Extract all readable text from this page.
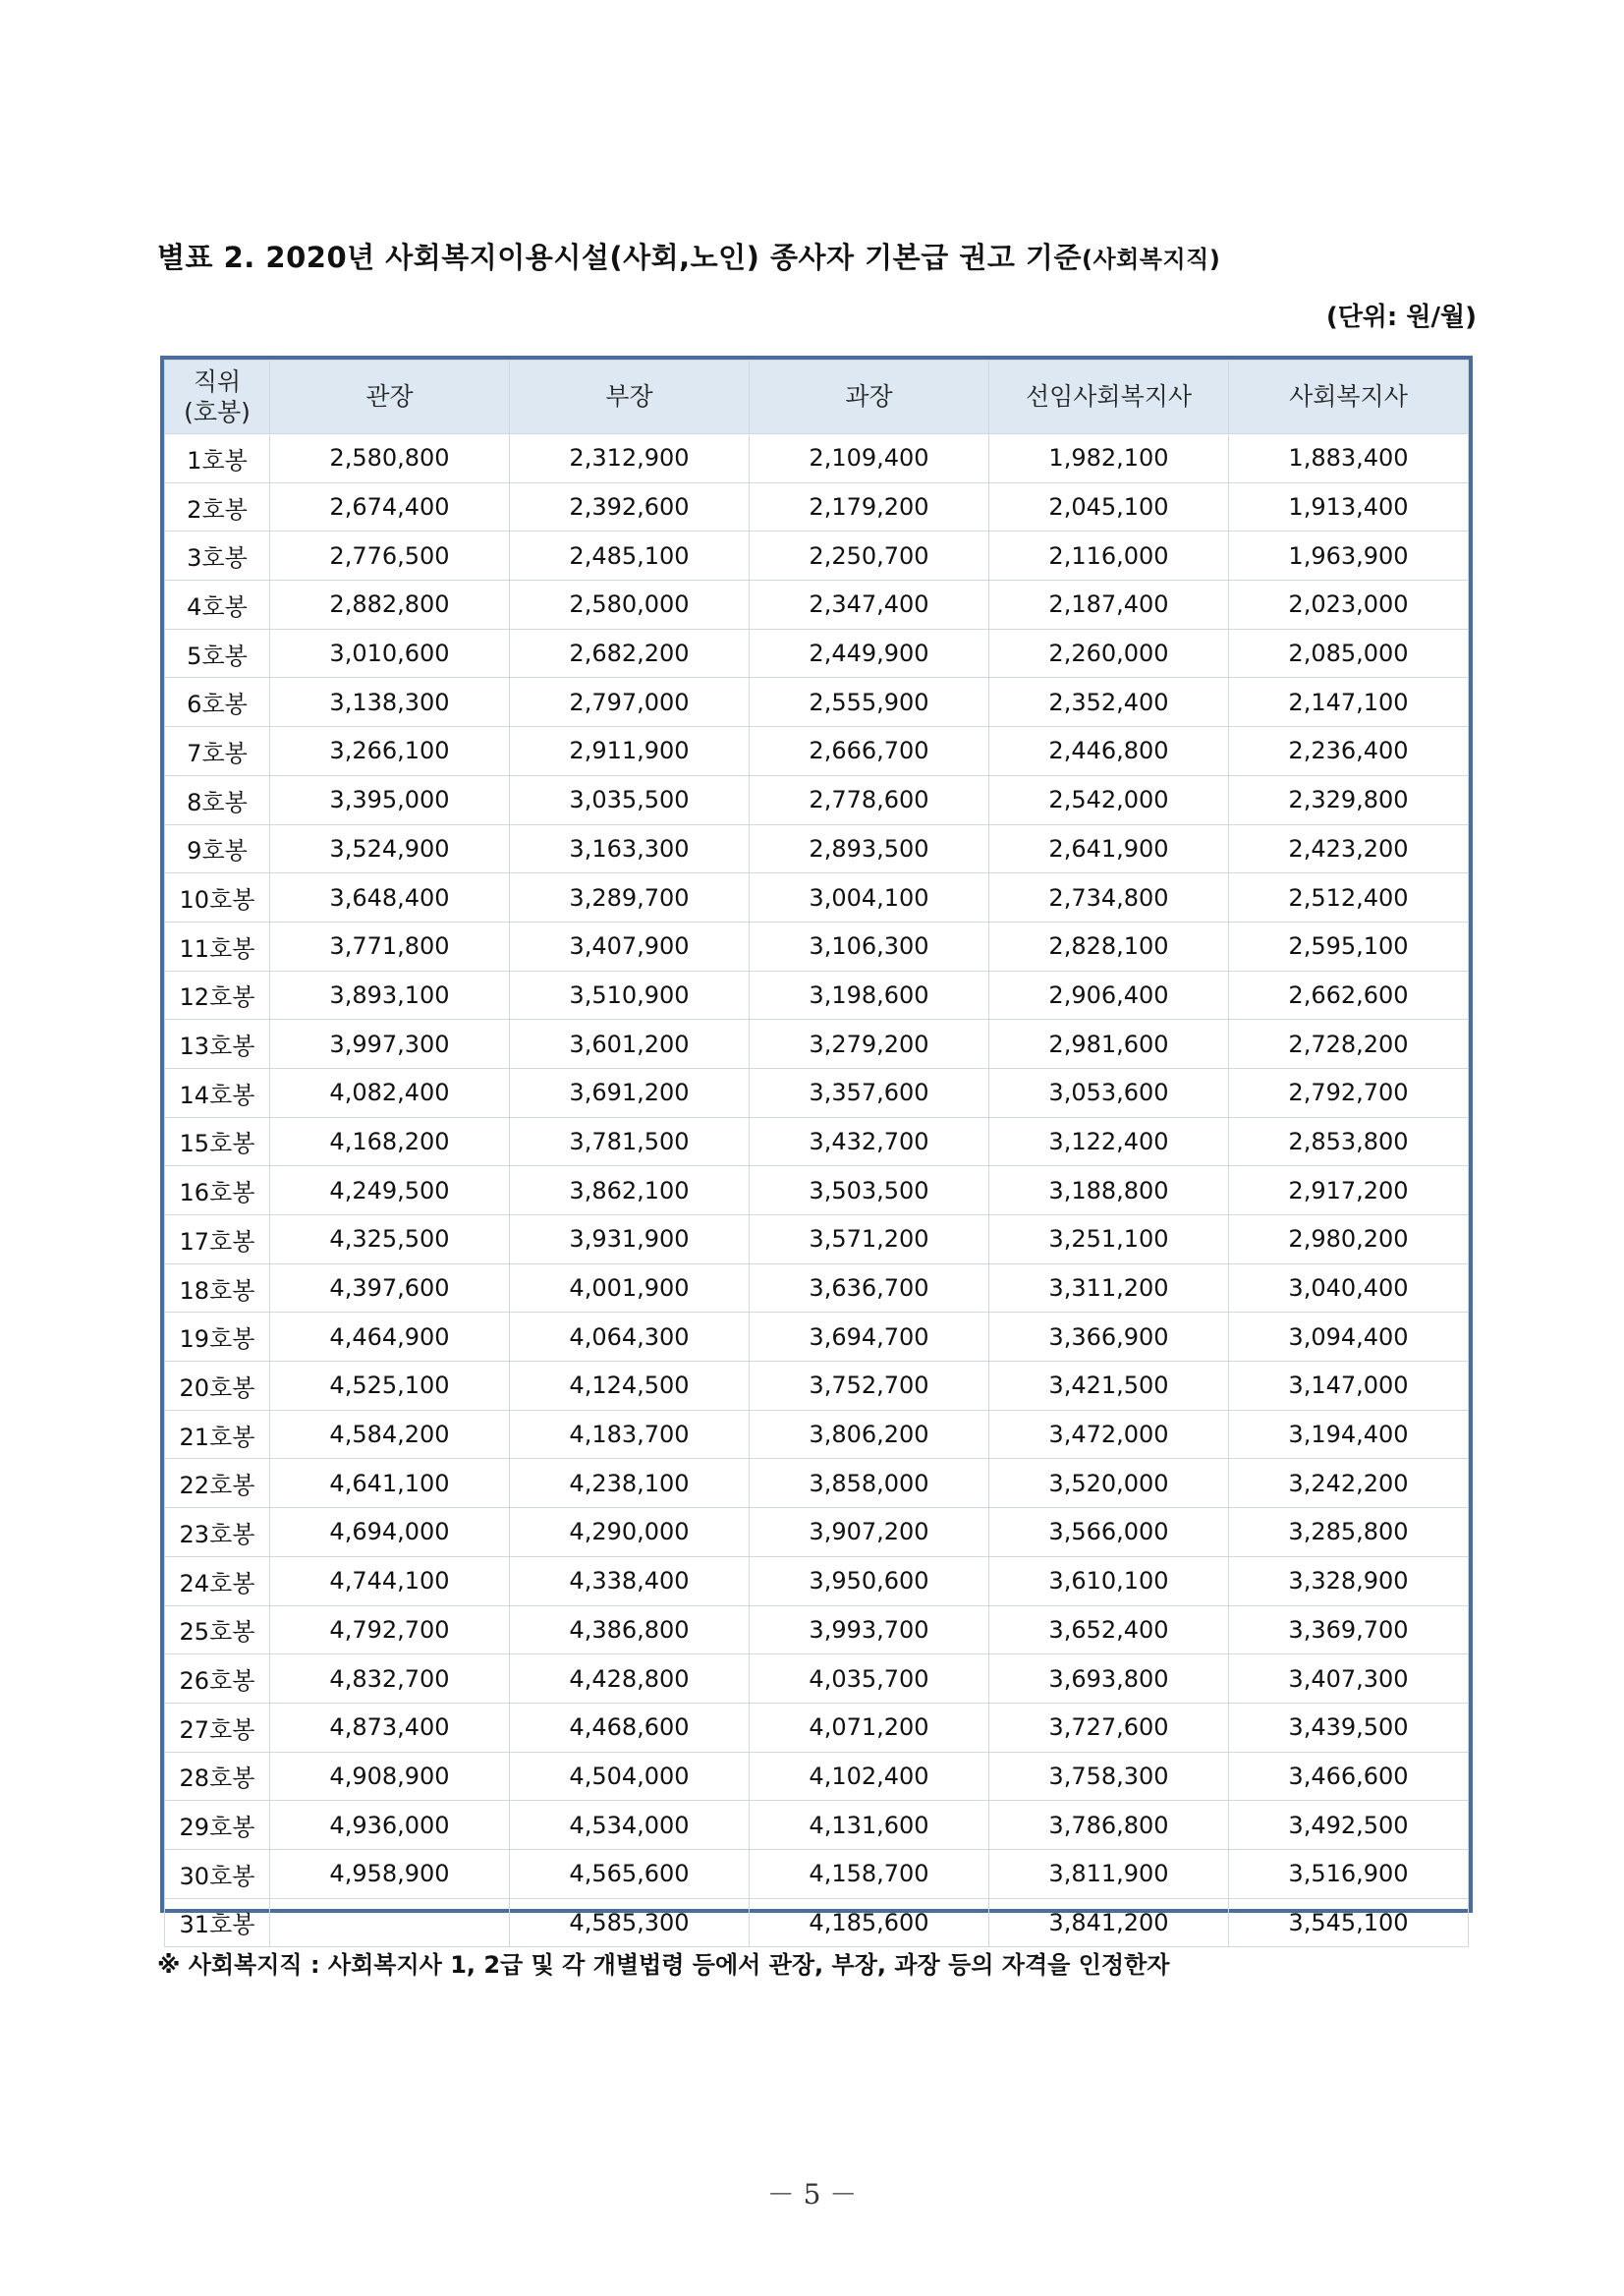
별표 2. 2020년 사회복지이용시설(사회,노인) 종사자 기본급 권고 기준(사회복지직)
(단위: 원/월)
직위
(호봉)	관장	부장	과장	선임사회복지사	사회복지사
1호봉	2,580,800	2,312,900	2,109,400	1,982,100	1,883,400
2호봉	2,674,400	2,392,600	2,179,200	2,045,100	1,913,400
3호봉	2,776,500	2,485,100	2,250,700	2,116,000	1,963,900
4호봉	2,882,800	2,580,000	2,347,400	2,187,400	2,023,000
5호봉	3,010,600	2,682,200	2,449,900	2,260,000	2,085,000
6호봉	3,138,300	2,797,000	2,555,900	2,352,400	2,147,100
7호봉	3,266,100	2,911,900	2,666,700	2,446,800	2,236,400
8호봉	3,395,000	3,035,500	2,778,600	2,542,000	2,329,800
9호봉	3,524,900	3,163,300	2,893,500	2,641,900	2,423,200
10호봉	3,648,400	3,289,700	3,004,100	2,734,800	2,512,400
11호봉	3,771,800	3,407,900	3,106,300	2,828,100	2,595,100
12호봉	3,893,100	3,510,900	3,198,600	2,906,400	2,662,600
13호봉	3,997,300	3,601,200	3,279,200	2,981,600	2,728,200
14호봉	4,082,400	3,691,200	3,357,600	3,053,600	2,792,700
15호봉	4,168,200	3,781,500	3,432,700	3,122,400	2,853,800
16호봉	4,249,500	3,862,100	3,503,500	3,188,800	2,917,200
17호봉	4,325,500	3,931,900	3,571,200	3,251,100	2,980,200
18호봉	4,397,600	4,001,900	3,636,700	3,311,200	3,040,400
19호봉	4,464,900	4,064,300	3,694,700	3,366,900	3,094,400
20호봉	4,525,100	4,124,500	3,752,700	3,421,500	3,147,000
21호봉	4,584,200	4,183,700	3,806,200	3,472,000	3,194,400
22호봉	4,641,100	4,238,100	3,858,000	3,520,000	3,242,200
23호봉	4,694,000	4,290,000	3,907,200	3,566,000	3,285,800
24호봉	4,744,100	4,338,400	3,950,600	3,610,100	3,328,900
25호봉	4,792,700	4,386,800	3,993,700	3,652,400	3,369,700
26호봉	4,832,700	4,428,800	4,035,700	3,693,800	3,407,300
27호봉	4,873,400	4,468,600	4,071,200	3,727,600	3,439,500
28호봉	4,908,900	4,504,000	4,102,400	3,758,300	3,466,600
29호봉	4,936,000	4,534,000	4,131,600	3,786,800	3,492,500
30호봉	4,958,900	4,565,600	4,158,700	3,811,900	3,516,900
31호봉		4,585,300	4,185,600	3,841,200	3,545,100
※ 사회복지직 : 사회복지사 1, 2급 및 각 개별법령 등에서 관장, 부장, 과장 등의 자격을 인정한자
－ 5 －
